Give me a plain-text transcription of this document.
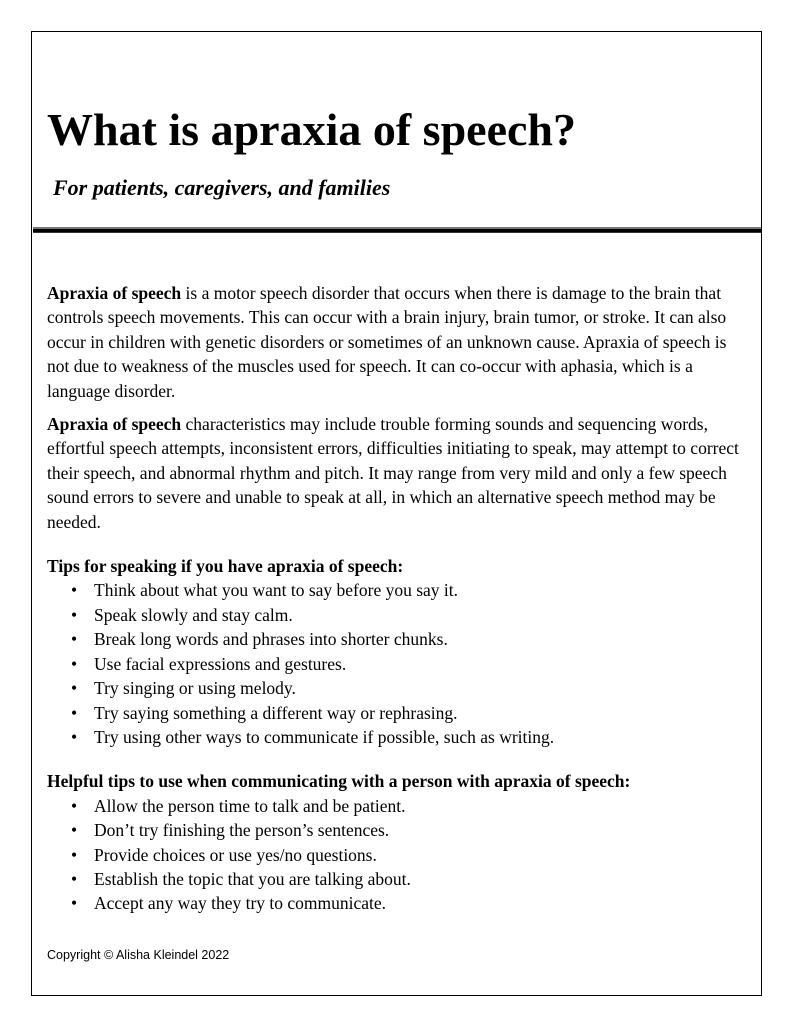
What is apraxia of speech?

For patients, caregivers, and families

Apraxia of speech is a motor speech disorder that occurs when there is damage to the brain that controls speech movements. This can occur with a brain injury, brain tumor, or stroke. It can also occur in children with genetic disorders or sometimes of an unknown cause. Apraxia of speech is not due to weakness of the muscles used for speech. It can co-occur with aphasia, which is a language disorder.

Apraxia of speech characteristics may include trouble forming sounds and sequencing words, effortful speech attempts, inconsistent errors, difficulties initiating to speak, may attempt to correct their speech, and abnormal rhythm and pitch. It may range from very mild and only a few speech sound errors to severe and unable to speak at all, in which an alternative speech method may be needed.

Tips for speaking if you have apraxia of speech:

• Think about what you want to say before you say it.
• Speak slowly and stay calm.
• Break long words and phrases into shorter chunks.
• Use facial expressions and gestures.
• Try singing or using melody.
• Try saying something a different way or rephrasing.
• Try using other ways to communicate if possible, such as writing.

Helpful tips to use when communicating with a person with apraxia of speech:

• Allow the person time to talk and be patient.
• Don’t try finishing the person’s sentences.
• Provide choices or use yes/no questions.
• Establish the topic that you are talking about.
• Accept any way they try to communicate.

Copyright © Alisha Kleindel 2022
